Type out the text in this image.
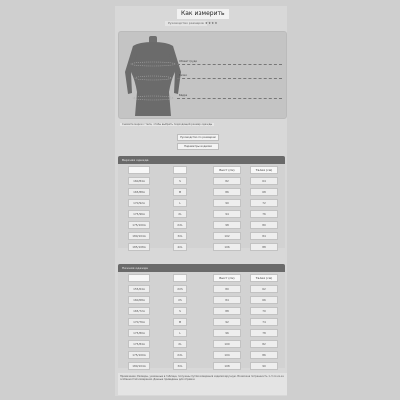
Как измерить
Руководство размеров ★★★★
Обхват груди
Талия
Бёдра
Снимите мерки с тела, чтобы выбрать подходящий размер одежды
Руководство по размерам
Параметры изделия
Верхняя одежда
Бюст (см)	Талия (см)
160/84A	S	82	64
165/88A	M	86	68
170/92A	L	90	72
175/96A	XL	94	76
175/100A	XXL	98	80
180/104A	3XL	102	84
185/108A	4XL	106	88
Нижняя одежда
Бюст (см)	Талия (см)
155/64A	XXS	80	62
160/68A	XS	84	66
165/72A	S	88	70
170/76A	M	92	74
175/80A	L	96	78
175/84A	XL	100	82
175/100A	XXL	104	86
180/104A	3XL	108	90
Примечание: Размеры, указанные в таблице, получены путём измерения изделия вручную. Возможна погрешность 1–3 см из-за особенностей измерения. Данные приведены для справки.
